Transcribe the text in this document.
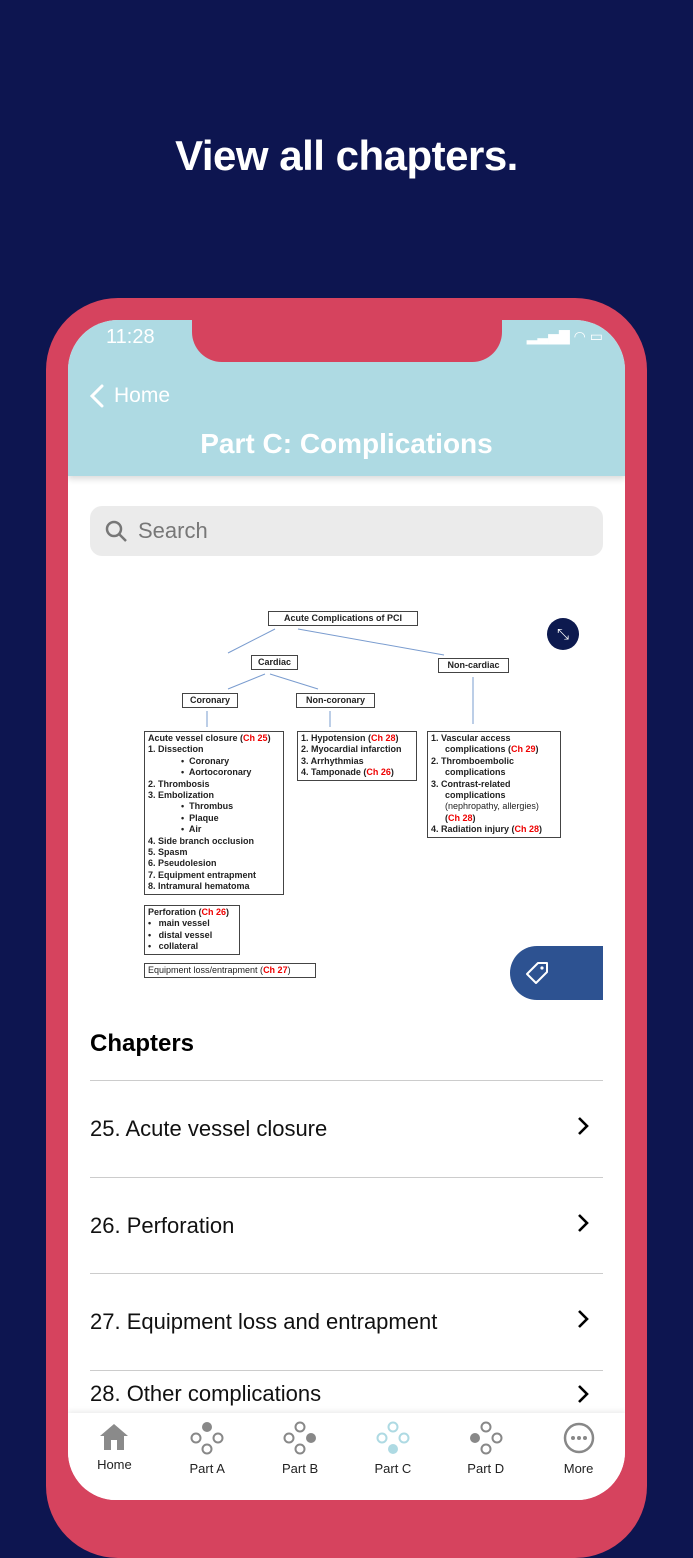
View all chapters.
11:28	▂▃▅▇ ◠ ▭
Home
Part C: Complications
Search
Acute Complications of PCI
Cardiac	Non-cardiac
Coronary	Non-coronary
Acute vessel closure (Ch 25)
1. Dissection
•  Coronary
•  Aortocoronary
2. Thrombosis
3. Embolization
•  Thrombus
•  Plaque
•  Air
4. Side branch occlusion
5. Spasm
6. Pseudolesion
7. Equipment entrapment
8. Intramural hematoma
1. Hypotension (Ch 28)
2. Myocardial infarction
3. Arrhythmias
4. Tamponade (Ch 26)
1. Vascular access
complications (Ch 29)
2. Thromboembolic
complications
3. Contrast-related
complications
(nephropathy, allergies)
(Ch 28)
4. Radiation injury (Ch 28)
Perforation (Ch 26)
•   main vessel
•   distal vessel
•   collateral
Equipment loss/entrapment (Ch 27)
⤡
Chapters
25. Acute vessel closure
26. Perforation
27. Equipment loss and entrapment
28. Other complications
Home	Part A	Part B	Part C	Part D	More
